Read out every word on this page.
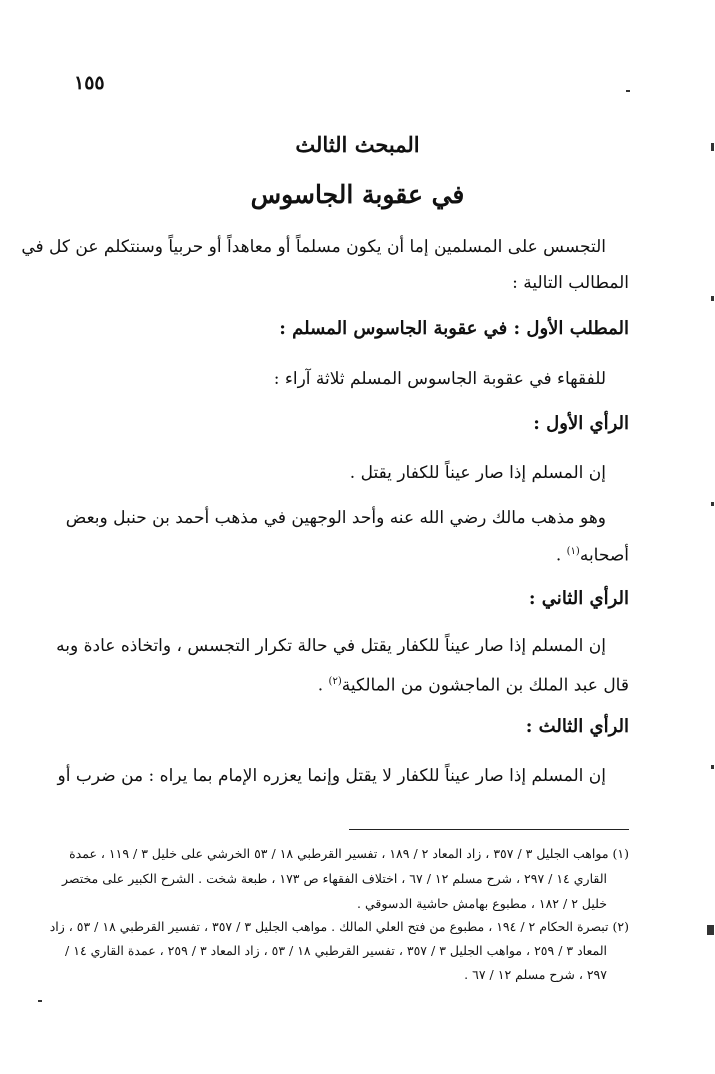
١٥٥
المبحث الثالث
في عقوبة الجاسوس
التجسس على المسلمين إما أن يكون مسلماً أو معاهداً أو حربياً وسنتكلم عن كل في
المطالب التالية :
المطلب الأول : في عقوبة الجاسوس المسلم :
للفقهاء في عقوبة الجاسوس المسلم ثلاثة آراء :
الرأي الأول :
إن المسلم إذا صار عيناً للكفار يقتل .
وهو مذهب مالك رضي الله عنه وأحد الوجهين في مذهب أحمد بن حنبل وبعض
أصحابه$^{(١)}$ .
الرأي الثاني :
إن المسلم إذا صار عيناً للكفار يقتل في حالة تكرار التجسس ، واتخاذه عادة وبه
قال عبد الملك بن الماجشون من المالكية$^{(٢)}$ .
الرأي الثالث :
إن المسلم إذا صار عيناً للكفار لا يقتل وإنما يعزره الإمام بما يراه : من ضرب أو
(١) مواهب الجليل ٣ / ٣٥٧ ، زاد المعاد ٢ / ١٨٩ ، تفسير القرطبي ١٨ / ٥٣ الخرشي على خليل ٣ / ١١٩ ، عمدة
القاري ١٤ / ٢٩٧ ، شرح مسلم ١٢ / ٦٧ ، اختلاف الفقهاء ص ١٧٣ ، طبعة شخت . الشرح الكبير على مختصر
خليل ٢ / ١٨٢ ، مطبوع بهامش حاشية الدسوقي .
(٢) تبصرة الحكام ٢ / ١٩٤ ، مطبوع من فتح العلي المالك . مواهب الجليل ٣ / ٣٥٧ ، تفسير القرطبي ١٨ / ٥٣ ، زاد
المعاد ٣ / ٢٥٩ ، مواهب الجليل ٣ / ٣٥٧ ، تفسير القرطبي ١٨ / ٥٣ ، زاد المعاد ٣ / ٢٥٩ ، عمدة القاري ١٤ /
٢٩٧ ، شرح مسلم ١٢ / ٦٧ .
